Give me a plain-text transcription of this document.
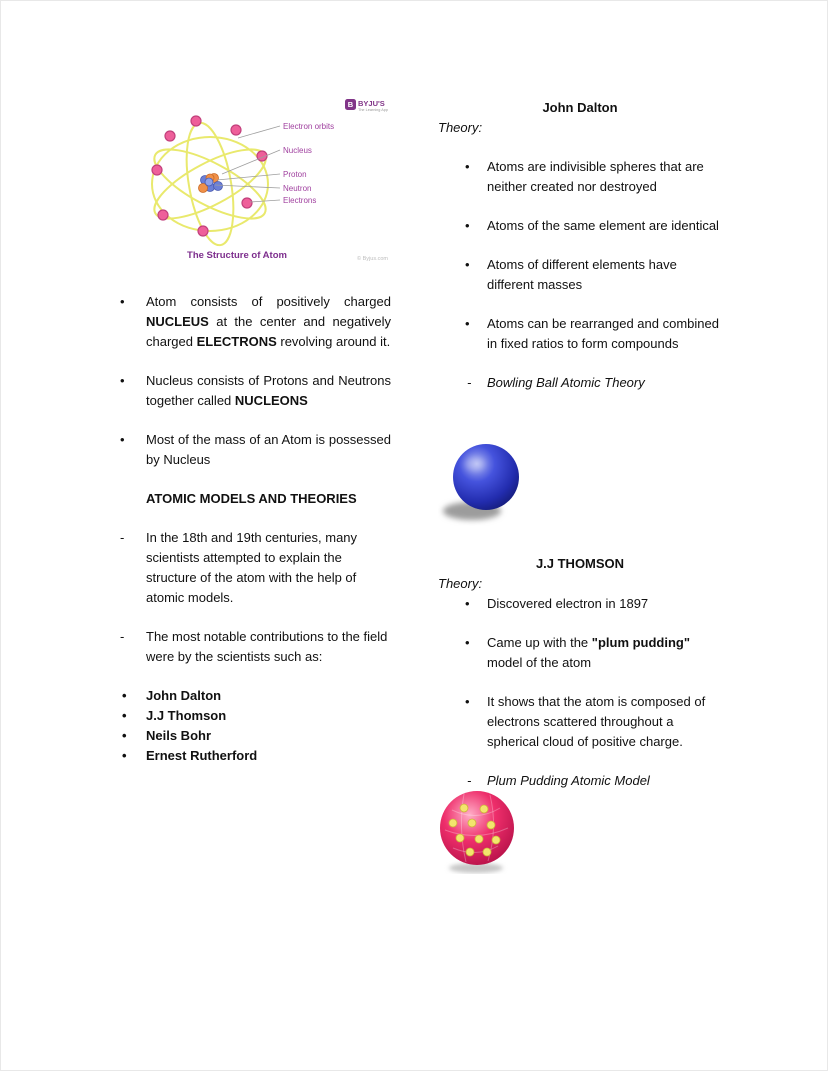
Electron orbits
Nucleus
Proton
Neutron
Electrons
B BYJU'S
The Learning App
The Structure of Atom	© Byjus.com
• Atom consists of positively charged NUCLEUS at the center and negatively charged ELECTRONS revolving around it.
• Nucleus consists of Protons and Neutrons together called NUCLEONS
• Most of the mass of an Atom is possessed by Nucleus
ATOMIC MODELS AND THEORIES
- In the 18th and 19th centuries, many scientists attempted to explain the structure of the atom with the help of atomic models.
- The most notable contributions to the field were by the scientists such as:
• John Dalton
• J.J Thomson
• Neils Bohr
• Ernest Rutherford
John Dalton
Theory:
• Atoms are indivisible spheres that are neither created nor destroyed
• Atoms of the same element are identical
• Atoms of different elements have different masses
• Atoms can be rearranged and combined in fixed ratios to form compounds
- Bowling Ball Atomic Theory
J.J THOMSON
Theory:
• Discovered electron in 1897
• Came up with the "plum pudding" model of the atom
• It shows that the atom is composed of electrons scattered throughout a spherical cloud of positive charge.
- Plum Pudding Atomic Model
